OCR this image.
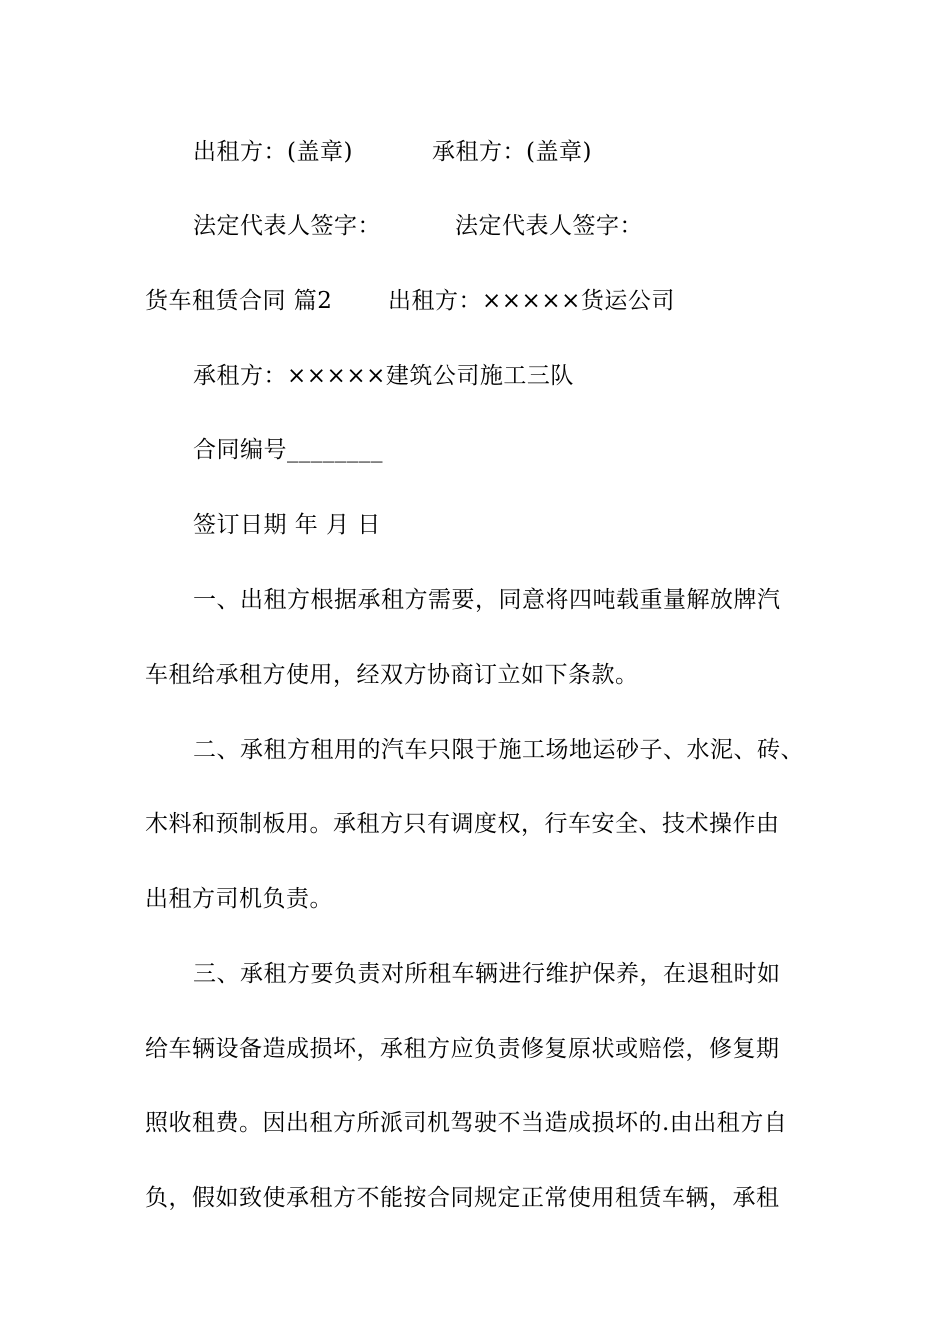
出租方：(盖章)	承租方：(盖章)
法定代表人签字：	法定代表人签字：
货车租赁合同 篇2 出租方：×××××货运公司
承租方：×××××建筑公司施工三队
合同编号________
签订日期 年 月 日
一、出租方根据承租方需要，同意将四吨载重量解放牌汽
车租给承租方使用，经双方协商订立如下条款。
二、承租方租用的汽车只限于施工场地运砂子、水泥、砖、
木料和预制板用。承租方只有调度权，行车安全、技术操作由
出租方司机负责。
三、承租方要负责对所租车辆进行维护保养，在退租时如
给车辆设备造成损坏，承租方应负责修复原状或赔偿，修复期
照收租费。因出租方所派司机驾驶不当造成损坏的.由出租方自
负，假如致使承租方不能按合同规定正常使用租赁车辆，承租
